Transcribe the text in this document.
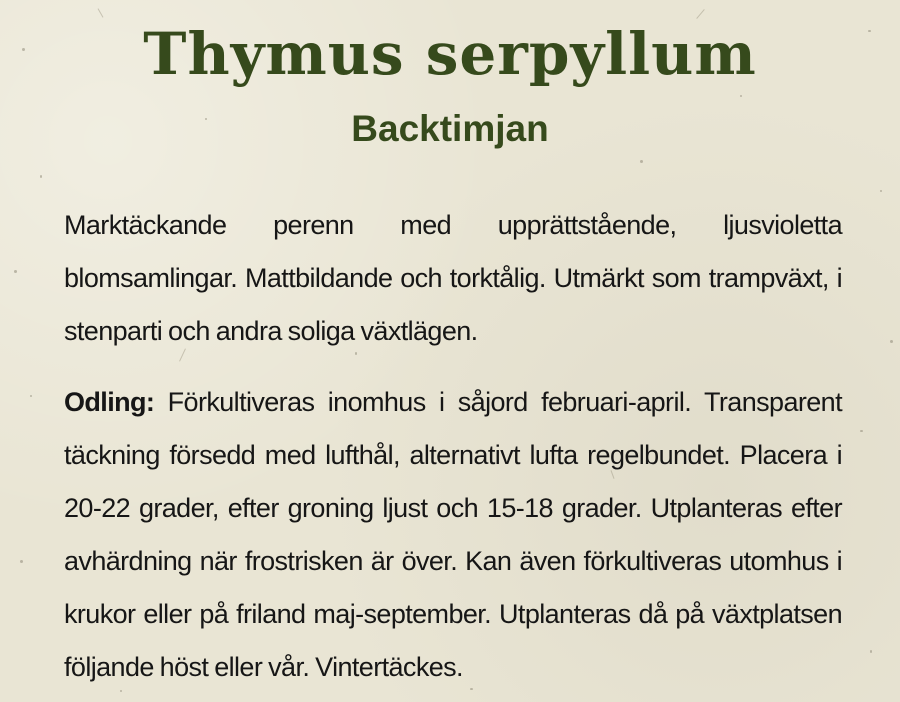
Thymus serpyllum
Backtimjan

Marktäckande perenn med upprättstående, ljusvioletta blomsamlingar. Mattbildande och torktålig. Utmärkt som trampväxt, i stenparti och andra soliga växtlägen.

Odling: Förkultiveras inomhus i såjord februari-april. Transparent täckning försedd med lufthål, alternativt lufta regelbundet. Placera i 20-22 grader, efter groning ljust och 15-18 grader. Utplanteras efter avhärdning när frostrisken är över. Kan även förkultiveras utomhus i krukor eller på friland maj-september. Utplanteras då på växtplatsen följande höst eller vår. Vintertäckes.
